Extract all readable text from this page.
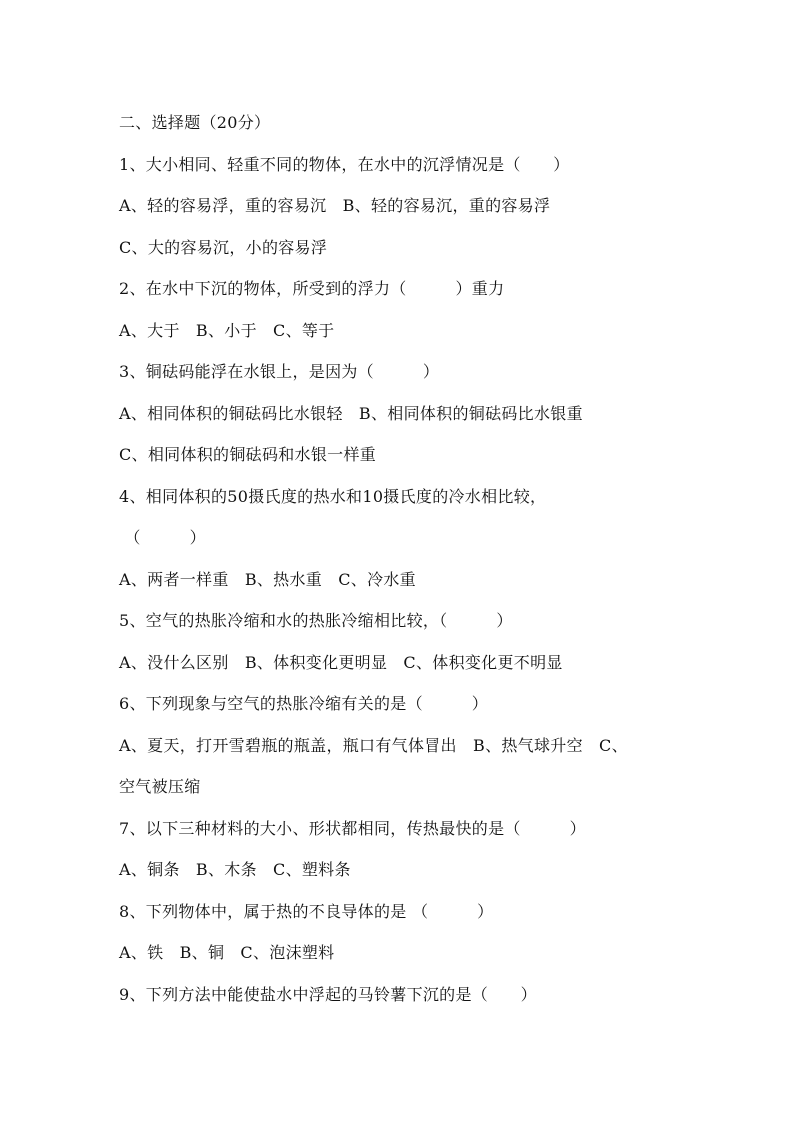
二、选择题（20分）
1、大小相同、轻重不同的物体，在水中的沉浮情况是（　　）
A、轻的容易浮，重的容易沉   B、轻的容易沉，重的容易浮
C、大的容易沉，小的容易浮
2、在水中下沉的物体，所受到的浮力（　　　）重力
A、大于   B、小于   C、等于
3、铜砝码能浮在水银上，是因为（　　　）
A、相同体积的铜砝码比水银轻   B、相同体积的铜砝码比水银重
C、相同体积的铜砝码和水银一样重
4、相同体积的50摄氏度的热水和10摄氏度的冷水相比较，
（　　　）
A、两者一样重   B、热水重   C、冷水重
5、空气的热胀冷缩和水的热胀冷缩相比较，（　　　）
A、没什么区别   B、体积变化更明显   C、体积变化更不明显
6、下列现象与空气的热胀冷缩有关的是（　　　）
A、夏天，打开雪碧瓶的瓶盖，瓶口有气体冒出   B、热气球升空   C、
空气被压缩
7、以下三种材料的大小、形状都相同，传热最快的是（　　　）
A、铜条   B、木条   C、塑料条
8、下列物体中，属于热的不良导体的是 （　　　）
A、铁   B、铜   C、泡沫塑料
9、下列方法中能使盐水中浮起的马铃薯下沉的是（　　）
